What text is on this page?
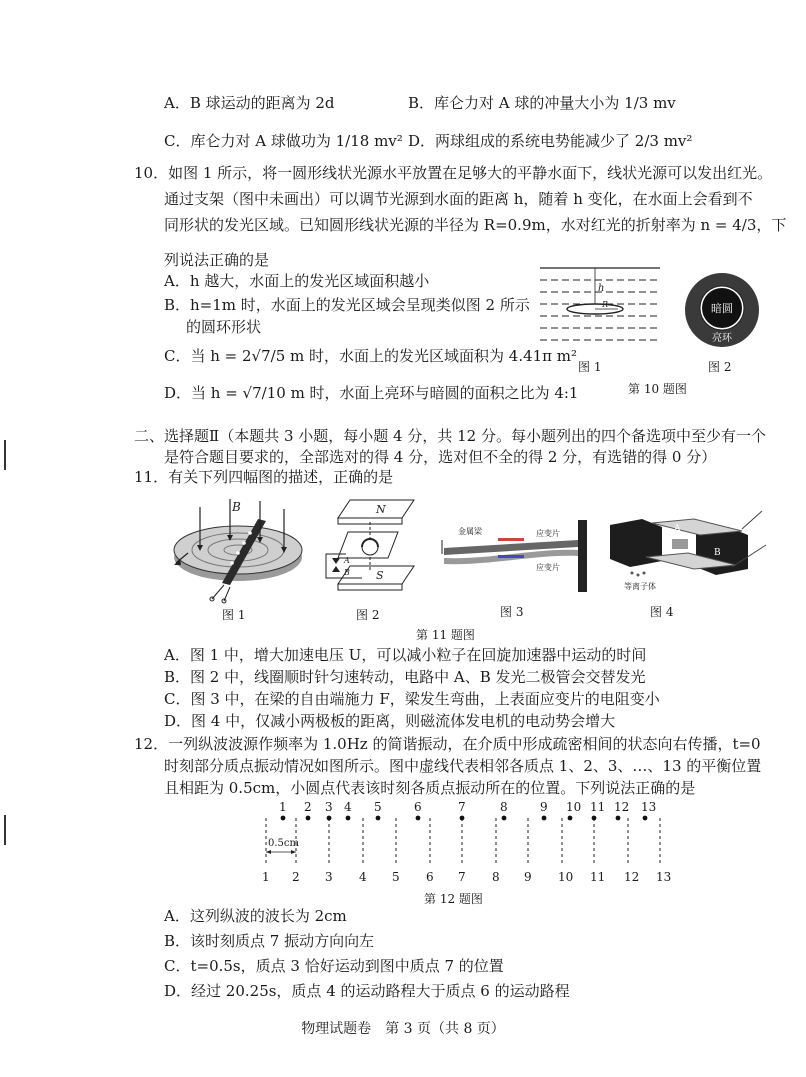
A．B 球运动的距离为 2d	B．库仑力对 A 球的冲量大小为 1/3 mv
C．库仑力对 A 球做功为 1/18 mv² D．两球组成的系统电势能减少了 2/3 mv²
10．如图 1 所示，将一圆形线状光源水平放置在足够大的平静水面下，线状光源可以发出红光。
通过支架（图中未画出）可以调节光源到水面的距离 h，随着 h 变化，在水面上会看到不
同形状的发光区域。已知圆形线状光源的半径为 R=0.9m，水对红光的折射率为 n = 4/3，下
列说法正确的是
A．h 越大，水面上的发光区域面积越小
B．h=1m 时，水面上的发光区域会呈现类似图 2 所示
的圆环形状
C．当 h = 2√7/5 m 时，水面上的发光区域面积为 4.41π m²
D．当 h = √7/10 m 时，水面上亮环与暗圆的面积之比为 4:1
h
R	暗圆
亮环
图 1	图 2
第 10 题图
二、选择题Ⅱ（本题共 3 小题，每小题 4 分，共 12 分。每小题列出的四个备选项中至少有一个
是符合题目要求的，全部选对的得 4 分，选对但不全的得 2 分，有选错的得 0 分）
11．有关下列四幅图的描述，正确的是
B	N
S
A
B
金属梁	应变片
应变片
A
B
等离子体
图 1	图 2	图 3	图 4
第 11 题图
A．图 1 中，增大加速电压 U，可以减小粒子在回旋加速器中运动的时间
B．图 2 中，线圈顺时针匀速转动，电路中 A、B 发光二极管会交替发光
C．图 3 中，在梁的自由端施力 F，梁发生弯曲，上表面应变片的电阻变小
D．图 4 中，仅减小两极板的距离，则磁流体发电机的电动势会增大
12．一列纵波波源作频率为 1.0Hz 的简谐振动，在介质中形成疏密相间的状态向右传播，t=0
时刻部分质点振动情况如图所示。图中虚线代表相邻各质点 1、2、3、…、13 的平衡位置
且相距为 0.5cm，小圆点代表该时刻各质点振动所在的位置。下列说法正确的是
0.5cm
1
1
2
2
3
3
4
4
5
5
6
6
7
7
8
8
9
9
10
10
11
11
12
12
13
13
第 12 题图
A．这列纵波的波长为 2cm
B．该时刻质点 7 振动方向向左
C．t=0.5s，质点 3 恰好运动到图中质点 7 的位置
D．经过 20.25s，质点 4 的运动路程大于质点 6 的运动路程
物理试题卷　第 3 页（共 8 页）
